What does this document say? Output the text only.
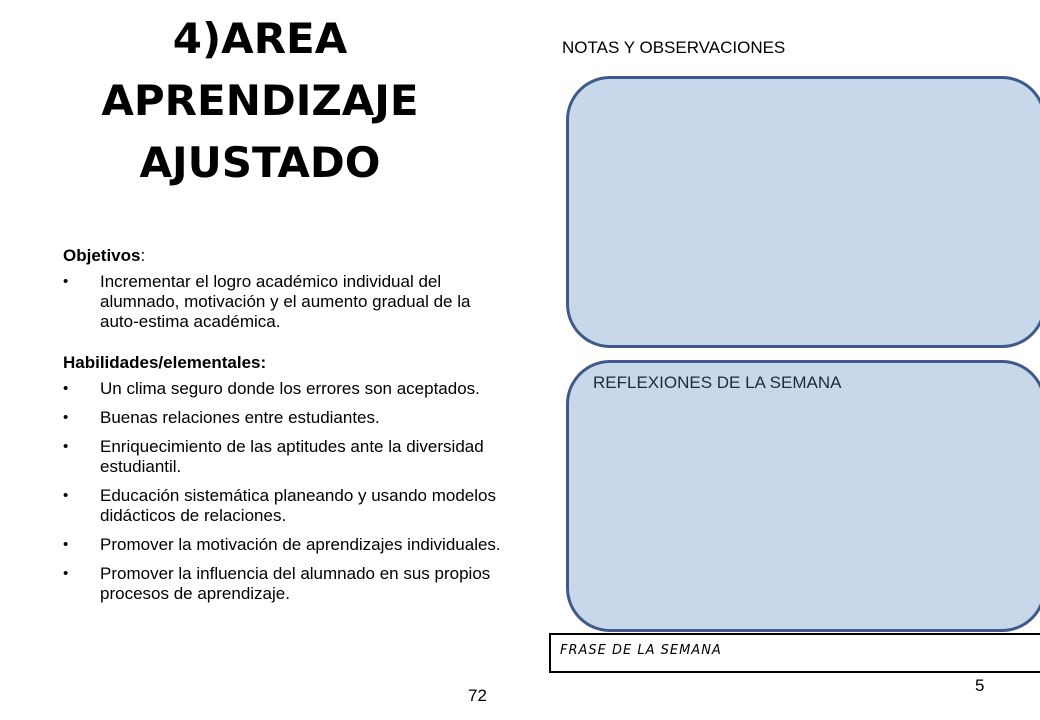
4)AREA
APRENDIZAJE
AJUSTADO

Objetivos:

• Incrementar el logro académico individual del alumnado, motivación y el aumento gradual de la auto-estima académica.

Habilidades/elementales:

• Un clima seguro donde los errores son aceptados.
• Buenas relaciones entre estudiantes.
• Enriquecimiento de las aptitudes ante la diversidad estudiantil.
• Educación sistemática planeando y usando modelos didácticos de relaciones.
• Promover la motivación de aprendizajes individuales.
• Promover la influencia del alumnado en sus propios procesos de aprendizaje.
NOTAS Y OBSERVACIONES
REFLEXIONES DE LA SEMANA
FRASE DE LA SEMANA
72
5
